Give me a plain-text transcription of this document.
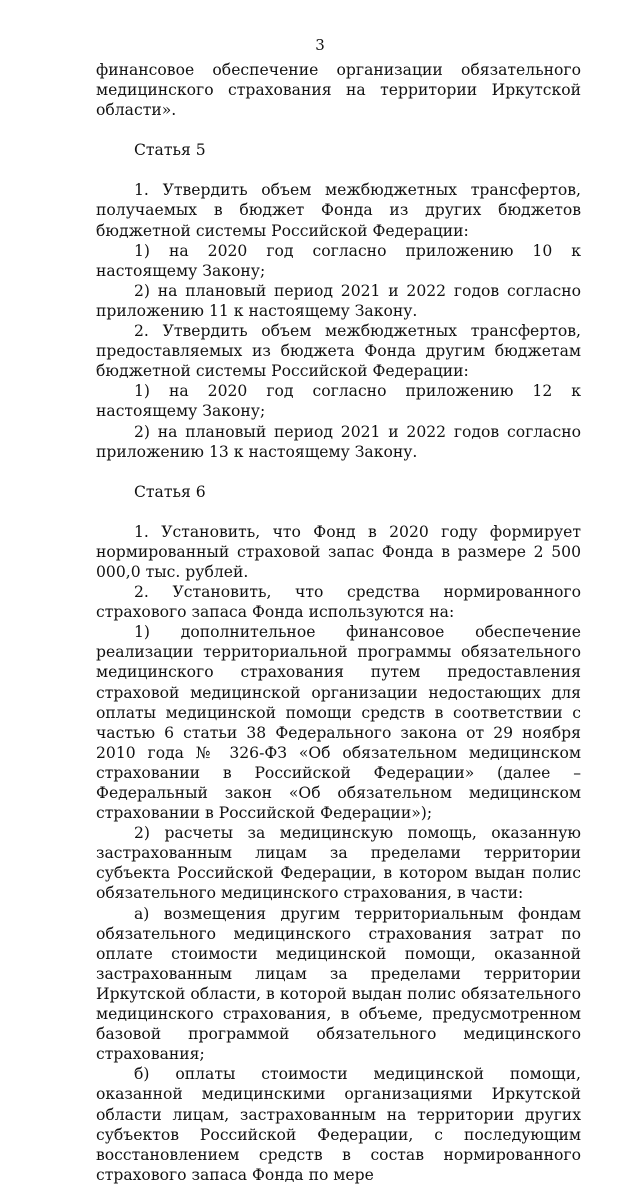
3

финансовое обеспечение организации обязательного медицинского страхования на территории Иркутской области».

Статья 5

1. Утвердить объем межбюджетных трансфертов, получаемых в бюджет Фонда из других бюджетов бюджетной системы Российской Федерации:

1) на 2020 год согласно приложению 10 к настоящему Закону;

2) на плановый период 2021 и 2022 годов согласно приложению 11 к настоящему Закону.

2. Утвердить объем межбюджетных трансфертов, предоставляемых из бюджета Фонда другим бюджетам бюджетной системы Российской Федерации:

1) на 2020 год согласно приложению 12 к настоящему Закону;

2) на плановый период 2021 и 2022 годов согласно приложению 13 к настоящему Закону.

Статья 6

1. Установить, что Фонд в 2020 году формирует нормированный страховой запас Фонда в размере 2 500 000,0 тыс. рублей.

2. Установить, что средства нормированного страхового запаса Фонда используются на:

1) дополнительное финансовое обеспечение реализации территориальной программы обязательного медицинского страхования путем предоставления страховой медицинской организации недостающих для оплаты медицинской помощи средств в соответствии с частью 6 статьи 38 Федерального закона от 29 ноября 2010 года № 326-ФЗ «Об обязательном медицинском страховании в Российской Федерации» (далее – Федеральный закон «Об обязательном медицинском страховании в Российской Федерации»);

2) расчеты за медицинскую помощь, оказанную застрахованным лицам за пределами территории субъекта Российской Федерации, в котором выдан полис обязательного медицинского страхования, в части:

а) возмещения другим территориальным фондам обязательного медицинского страхования затрат по оплате стоимости медицинской помощи, оказанной застрахованным лицам за пределами территории Иркутской области, в которой выдан полис обязательного медицинского страхования, в объеме, предусмотренном базовой программой обязательного медицинского страхования;

б) оплаты стоимости медицинской помощи, оказанной медицинскими организациями Иркутской области лицам, застрахованным на территории других субъектов Российской Федерации, с последующим восстановлением средств в состав нормированного страхового запаса Фонда по мере
